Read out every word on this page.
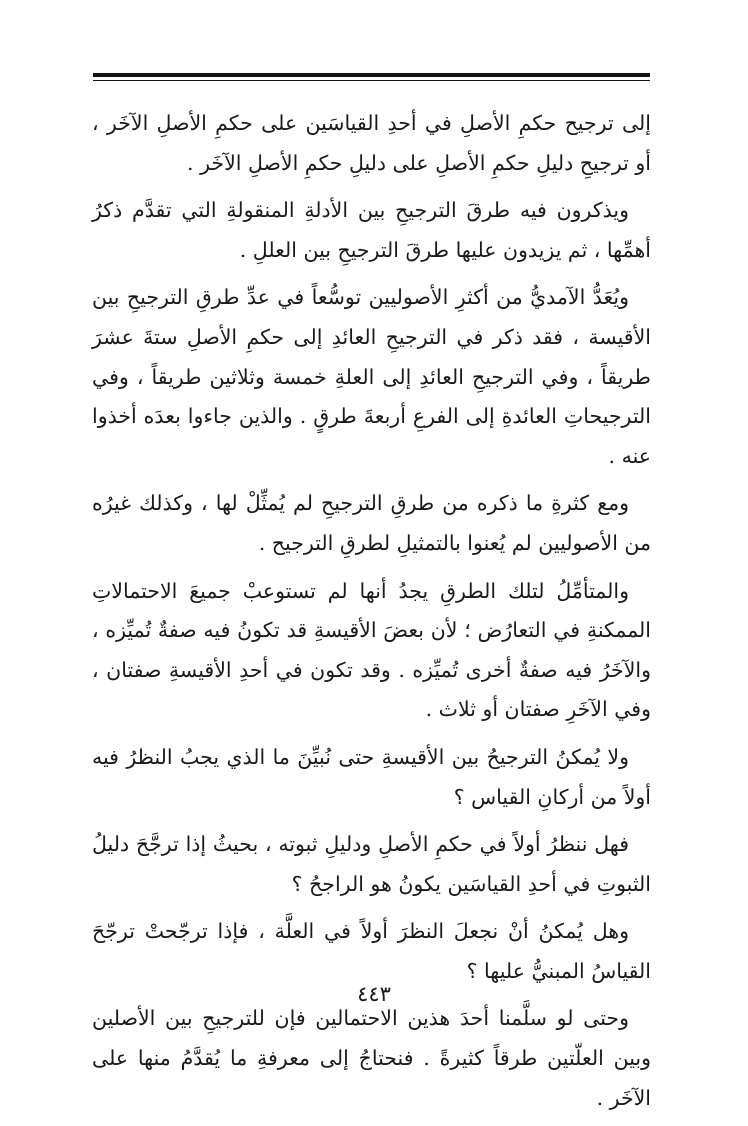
إلى ترجيح حكمِ الأصلِ في أحدِ القياسَين على حكمِ الأصلِ الآخَر ، أو ترجيحِ دليلِ حكمِ الأصلِ على دليلِ حكمِ الأصلِ الآخَر .

ويذكرون فيه طرقَ الترجيحِ بين الأدلةِ المنقولةِ التي تقدَّم ذكرُ أهمِّها ، ثم يزيدون عليها طرقَ الترجيحِ بين العللِ .

ويُعَدُّ الآمديُّ من أكثرِ الأصوليين توسُّعاً في عدِّ طرقِ الترجيحِ بين الأقيسة ، فقد ذكر في الترجيحِ العائدِ إلى حكمِ الأصلِ ستةَ عشرَ طريقاً ، وفي الترجيحِ العائدِ إلى العلةِ خمسة وثلاثين طريقاً ، وفي الترجيحاتِ العائدةِ إلى الفرعِ أربعةَ طرقٍ . والذين جاءوا بعدَه أخذوا عنه .

ومع كثرةِ ما ذكره من طرقِ الترجيحِ لم يُمثِّلْ لها ، وكذلك غيرُه من الأصوليين لم يُعنوا بالتمثيلِ لطرقِ الترجيح .

والمتأمِّلُ لتلك الطرقِ يجدُ أنها لم تستوعبْ جميعَ الاحتمالاتِ الممكنةِ في التعارُض ؛ لأن بعضَ الأقيسةِ قد تكونُ فيه صفةٌ تُميِّزه ، والآخَرُ فيه صفةٌ أخرى تُميِّزه . وقد تكون في أحدِ الأقيسةِ صفتان ، وفي الآخَرِ صفتان أو ثلاث .

ولا يُمكنُ الترجيحُ بين الأقيسةِ حتى نُبيِّنَ ما الذي يجبُ النظرُ فيه أولاً من أركانِ القياس ؟

فهل ننظرُ أولاً في حكمِ الأصلِ ودليلِ ثبوته ، بحيثُ إذا ترجَّحَ دليلُ الثبوتِ في أحدِ القياسَين يكونُ هو الراجحُ ؟

وهل يُمكنُ أنْ نجعلَ النظرَ أولاً في العلَّة ، فإذا ترجّحتْ ترجّحَ القياسُ المبنيُّ عليها ؟

وحتى لو سلَّمنا أحدَ هذين الاحتمالين فإن للترجيحِ بين الأصلين وبين العلّتين طرقاً كثيرةً . فنحتاجُ إلى معرفةِ ما يُقدَّمُ منها على الآخَر .

٤٤٣
